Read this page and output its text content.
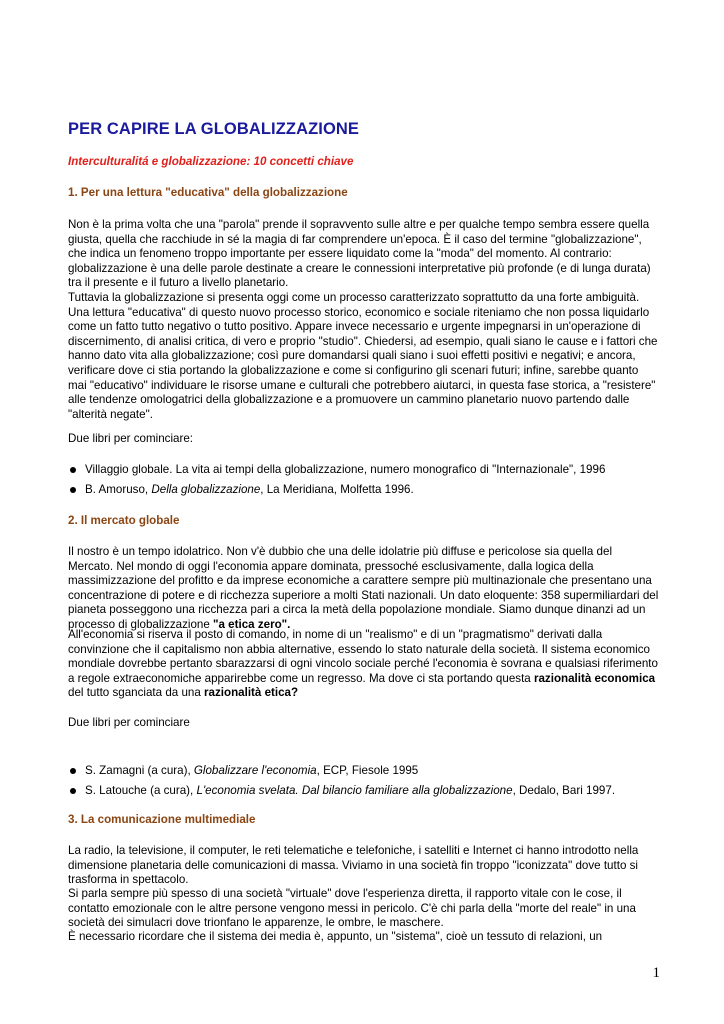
PER CAPIRE LA GLOBALIZZAZIONE
Interculturalitá e globalizzazione: 10 concetti chiave
1. Per una lettura "educativa" della globalizzazione

Non è la prima volta che una "parola" prende il sopravvento sulle altre e per qualche tempo sembra essere quella giusta, quella che racchiude in sé la magia di far comprendere un'epoca. È il caso del termine "globalizzazione", che indica un fenomeno troppo importante per essere liquidato come la "moda" del momento. Al contrario: globalizzazione è una delle parole destinate a creare le connessioni interpretative più profonde (e di lunga durata) tra il presente e il futuro a livello planetario.

Tuttavia la globalizzazione si presenta oggi come un processo caratterizzato soprattutto da una forte ambiguità. Una lettura "educativa" di questo nuovo processo storico, economico e sociale riteniamo che non possa liquidarlo come un fatto tutto negativo o tutto positivo. Appare invece necessario e urgente impegnarsi in un'operazione di discernimento, di analisi critica, di vero e proprio "studio". Chiedersi, ad esempio, quali siano le cause e i fattori che hanno dato vita alla globalizzazione; così pure domandarsi quali siano i suoi effetti positivi e negativi; e ancora, verificare dove ci stia portando la globalizzazione e come si configurino gli scenari futuri; infine, sarebbe quanto mai "educativo" individuare le risorse umane e culturali che potrebbero aiutarci, in questa fase storica, a "resistere" alle tendenze omologatrici della globalizzazione e a promuovere un cammino planetario nuovo partendo dalle "alterità negate".

Due libri per cominciare:

Villaggio globale. La vita ai tempi della globalizzazione, numero monografico di "Internazionale", 1996
B. Amoruso, Della globalizzazione, La Meridiana, Molfetta 1996.
2. Il mercato globale

Il nostro è un tempo idolatrico. Non v'è dubbio che una delle idolatrie più diffuse e pericolose sia quella del Mercato. Nel mondo di oggi l'economia appare dominata, pressoché esclusivamente, dalla logica della massimizzazione del profitto e da imprese economiche a carattere sempre più multinazionale che presentano una concentrazione di potere e di ricchezza superiore a molti Stati nazionali. Un dato eloquente: 358 supermiliardari del pianeta posseggono una ricchezza pari a circa la metà della popolazione mondiale. Siamo dunque dinanzi ad un processo di globalizzazione "a etica zero".

All'economia si riserva il posto di comando, in nome di un "realismo" e di un "pragmatismo" derivati dalla convinzione che il capitalismo non abbia alternative, essendo lo stato naturale della società. Il sistema economico mondiale dovrebbe pertanto sbarazzarsi di ogni vincolo sociale perché l'economia è sovrana e qualsiasi riferimento a regole extraeconomiche apparirebbe come un regresso. Ma dove ci sta portando questa razionalità economica del tutto sganciata da una razionalità etica?

Due libri per cominciare

S. Zamagni (a cura), Globalizzare l'economia, ECP, Fiesole 1995
S. Latouche (a cura), L'economia svelata. Dal bilancio familiare alla globalizzazione, Dedalo, Bari 1997.
3. La comunicazione multimediale

La radio, la televisione, il computer, le reti telematiche e telefoniche, i satelliti e Internet ci hanno introdotto nella dimensione planetaria delle comunicazioni di massa. Viviamo in una società fin troppo "iconizzata" dove tutto si trasforma in spettacolo.

Si parla sempre più spesso di una società "virtuale" dove l'esperienza diretta, il rapporto vitale con le cose, il contatto emozionale con le altre persone vengono messi in pericolo. C'è chi parla della "morte del reale" in una società dei simulacri dove trionfano le apparenze, le ombre, le maschere.

È necessario ricordare che il sistema dei media è, appunto, un "sistema", cioè un tessuto di relazioni, un

1
